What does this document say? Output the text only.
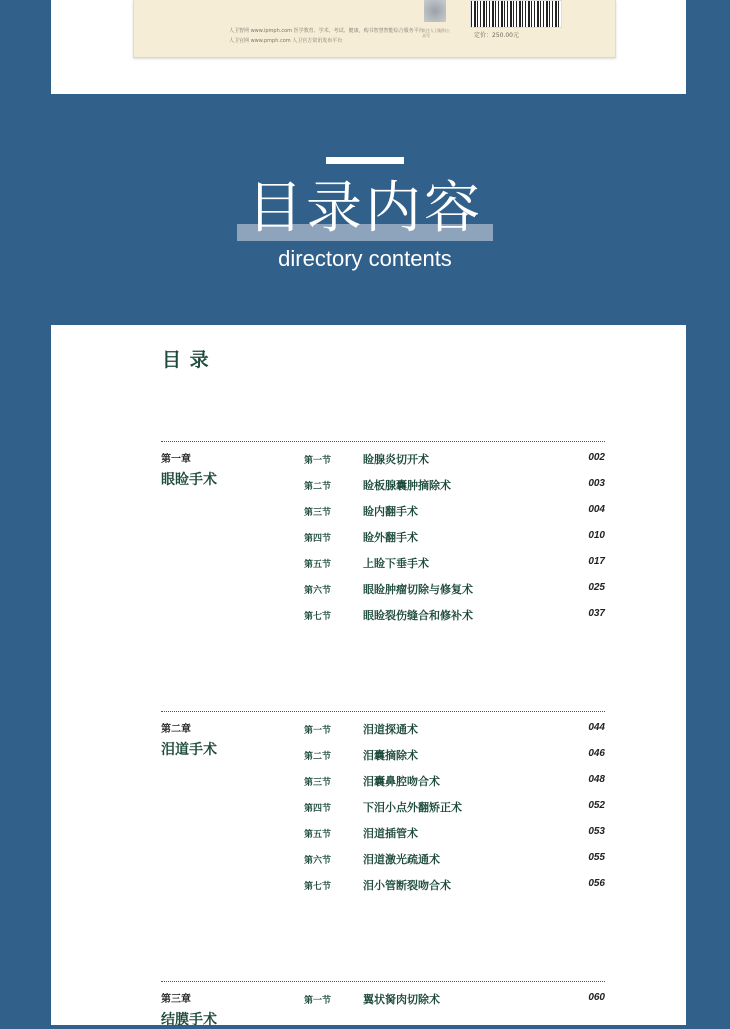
人卫智网 www.ipmph.com 医学教育、学术、考试、健康，购书智慧智能综合服务平台
人卫官网 www.pmph.com 人卫官方资讯发布平台
关注人卫眼科公众号	定价：250.00元
目录内容
directory contents
目 录
第一章
眼睑手术
第一节	睑腺炎切开术	002
第二节	睑板腺囊肿摘除术	003
第三节	睑内翻手术	004
第四节	睑外翻手术	010
第五节	上睑下垂手术	017
第六节	眼睑肿瘤切除与修复术	025
第七节	眼睑裂伤缝合和修补术	037
第二章
泪道手术
第一节	泪道探通术	044
第二节	泪囊摘除术	046
第三节	泪囊鼻腔吻合术	048
第四节	下泪小点外翻矫正术	052
第五节	泪道插管术	053
第六节	泪道激光疏通术	055
第七节	泪小管断裂吻合术	056
第三章
结膜手术
第一节	翼状胬肉切除术	060
